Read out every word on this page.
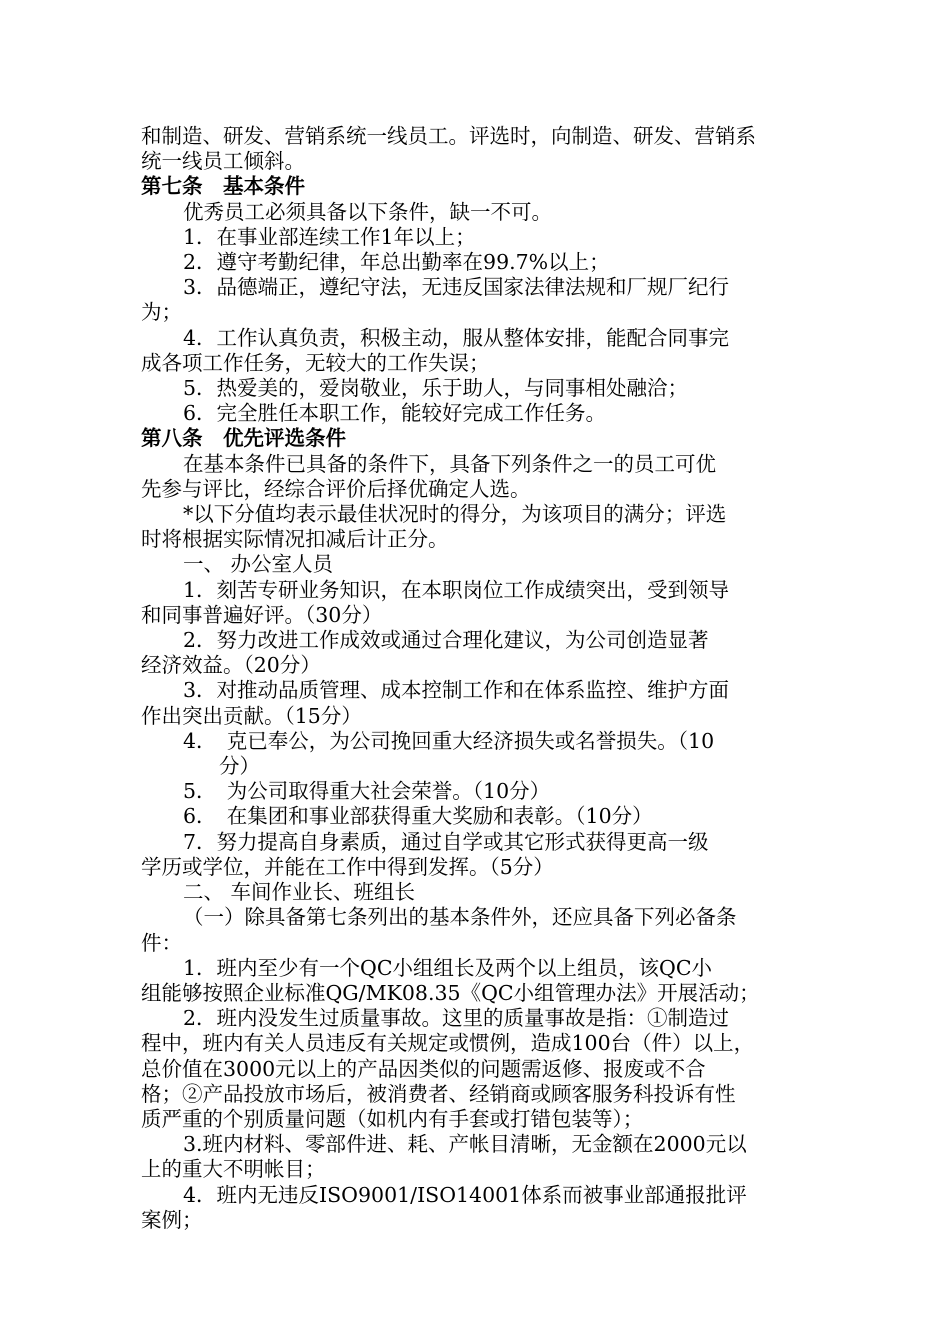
和制造、研发、营销系统一线员工。评选时，向制造、研发、营销系
统一线员工倾斜。
第七条　基本条件
优秀员工必须具备以下条件，缺一不可。
1．在事业部连续工作1年以上；
2．遵守考勤纪律，年总出勤率在99.7%以上；
3．品德端正，遵纪守法，无违反国家法律法规和厂规厂纪行
为；
4．工作认真负责，积极主动，服从整体安排，能配合同事完
成各项工作任务，无较大的工作失误；
5．热爱美的，爱岗敬业，乐于助人，与同事相处融洽；
6．完全胜任本职工作，能较好完成工作任务。
第八条　优先评选条件
在基本条件已具备的条件下，具备下列条件之一的员工可优
先参与评比，经综合评价后择优确定人选。
*以下分值均表示最佳状况时的得分，为该项目的满分；评选
时将根据实际情况扣减后计正分。
一、 办公室人员
1．刻苦专研业务知识，在本职岗位工作成绩突出，受到领导
和同事普遍好评。（30分）
2．努力改进工作成效或通过合理化建议，为公司创造显著
经济效益。（20分）
3．对推动品质管理、成本控制工作和在体系监控、维护方面
作出突出贡献。（15分）
4．　克已奉公，为公司挽回重大经济损失或名誉损失。（10
分）
5．　为公司取得重大社会荣誉。（10分）
6．　在集团和事业部获得重大奖励和表彰。（10分）
7．努力提高自身素质，通过自学或其它形式获得更高一级
学历或学位，并能在工作中得到发挥。（5分）
二、 车间作业长、班组长
（一）除具备第七条列出的基本条件外，还应具备下列必备条
件：
1．班内至少有一个QC小组组长及两个以上组员，该QC小
组能够按照企业标准QG/MK08.35《QC小组管理办法》开展活动；
2．班内没发生过质量事故。这里的质量事故是指：①制造过
程中，班内有关人员违反有关规定或惯例，造成100台（件）以上，
总价值在3000元以上的产品因类似的问题需返修、报废或不合
格；②产品投放市场后，被消费者、经销商或顾客服务科投诉有性
质严重的个别质量问题（如机内有手套或打错包装等）；
3.班内材料、零部件进、耗、产帐目清晰，无金额在2000元以
上的重大不明帐目；
4．班内无违反ISO9001/ISO14001体系而被事业部通报批评
案例；
